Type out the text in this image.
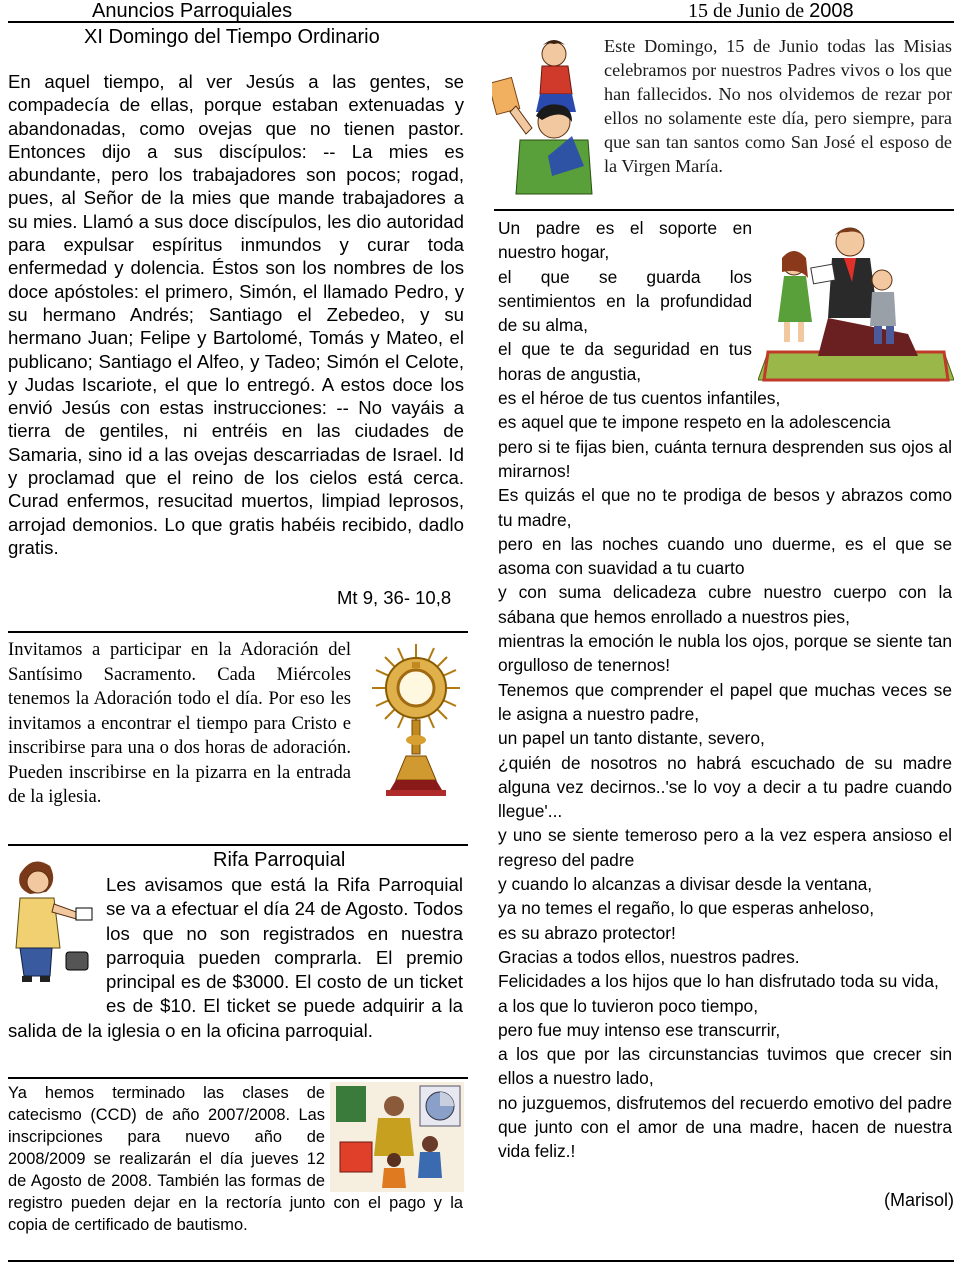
Anuncios Parroquiales	15 de Junio de 2008
XI Domingo del Tiempo Ordinario

En aquel tiempo, al ver Jesús a las gentes, se compadecía de ellas, porque estaban extenuadas y abandonadas, como ovejas que no tienen pastor. Entonces dijo a sus discípulos: -- La mies es abundante, pero los trabajadores son pocos; rogad, pues, al Señor de la mies que mande trabajadores a su mies. Llamó a sus doce discípulos, les dio autoridad para expulsar espíritus inmundos y curar toda enfermedad y dolencia. Éstos son los nombres de los doce apóstoles: el primero, Simón, el llamado Pedro, y su hermano Andrés; Santiago el Zebedeo, y su hermano Juan; Felipe y Bartolomé, Tomás y Mateo, el publicano; Santiago el Alfeo, y Tadeo; Simón el Celote, y Judas Iscariote, el que lo entregó. A estos doce los envió Jesús con estas instrucciones: -- No vayáis a tierra de gentiles, ni entréis en las ciudades de Samaria, sino id a las ovejas descarriadas de Israel. Id y proclamad que el reino de los cielos está cerca. Curad enfermos, resucitad muertos, limpiad leprosos, arrojad demonios. Lo que gratis habéis recibido, dadlo gratis.

Mt 9, 36- 10,8

Invitamos a participar en la Adoración del Santísimo Sacramento. Cada Miércoles tenemos la Adoración todo el día. Por eso les invitamos a encontrar el tiempo para Cristo e inscribirse para una o dos horas de adoración. Pueden inscribirse en la pizarra en la entrada de la iglesia.

Rifa Parroquial
Les avisamos que está la Rifa Parroquial se va a efectuar el día 24 de Agosto. Todos los que no son registrados en nuestra parroquia pueden comprarla. El premio principal es de $3000. El costo de un ticket es de $10. El ticket se puede adquirir a la salida de la iglesia o en la oficina parroquial.
Ya hemos terminado las clases de catecismo (CCD) de año 2007/2008. Las inscripciones para nuevo año de 2008/2009 se realizarán el día jueves 12 de Agosto de 2008. También las formas de registro pueden dejar en la rectoría junto con el pago y la copia de certificado de bautismo.

Este Domingo, 15 de Junio todas las Misias celebramos por nuestros Padres vivos o los que han fallecidos. No nos olvidemos de rezar por ellos no solamente este día, pero siempre, para que san tan santos como San José el esposo de la Virgen María.

Un padre es el soporte en nuestro hogar,
el que se guarda los sentimientos en la profundidad de su alma,
el que te da seguridad en tus horas de angustia,
es el héroe de tus cuentos infantiles,
es aquel que te impone respeto en la adolescencia
pero si te fijas bien, cuánta ternura desprenden sus ojos al mirarnos!
Es quizás el que no te prodiga de besos y abrazos como tu madre,
pero en las noches cuando uno duerme, es el que se asoma con suavidad a tu cuarto
y con suma delicadeza cubre nuestro cuerpo con la sábana que hemos enrollado a nuestros pies,
mientras la emoción le nubla los ojos, porque se siente tan orgulloso de tenernos!
Tenemos que comprender el papel que muchas veces se le asigna a nuestro padre,
un papel un tanto distante, severo,
¿quién de nosotros no habrá escuchado de su madre alguna vez decirnos..'se lo voy a decir a tu padre cuando llegue'...
y uno se siente temeroso pero a la vez espera ansioso el regreso del padre
y cuando lo alcanzas a divisar desde la ventana,
ya no temes el regaño, lo que esperas anheloso,
es su abrazo protector!
Gracias a todos ellos, nuestros padres.
Felicidades a los hijos que lo han disfrutado toda su vida,
a los que lo tuvieron poco tiempo,
pero fue muy intenso ese transcurrir,
a los que por las circunstancias tuvimos que crecer sin ellos a nuestro lado,
no juzguemos, disfrutemos del recuerdo emotivo del padre que junto con el amor de una madre, hacen de nuestra vida feliz.!
(Marisol)
